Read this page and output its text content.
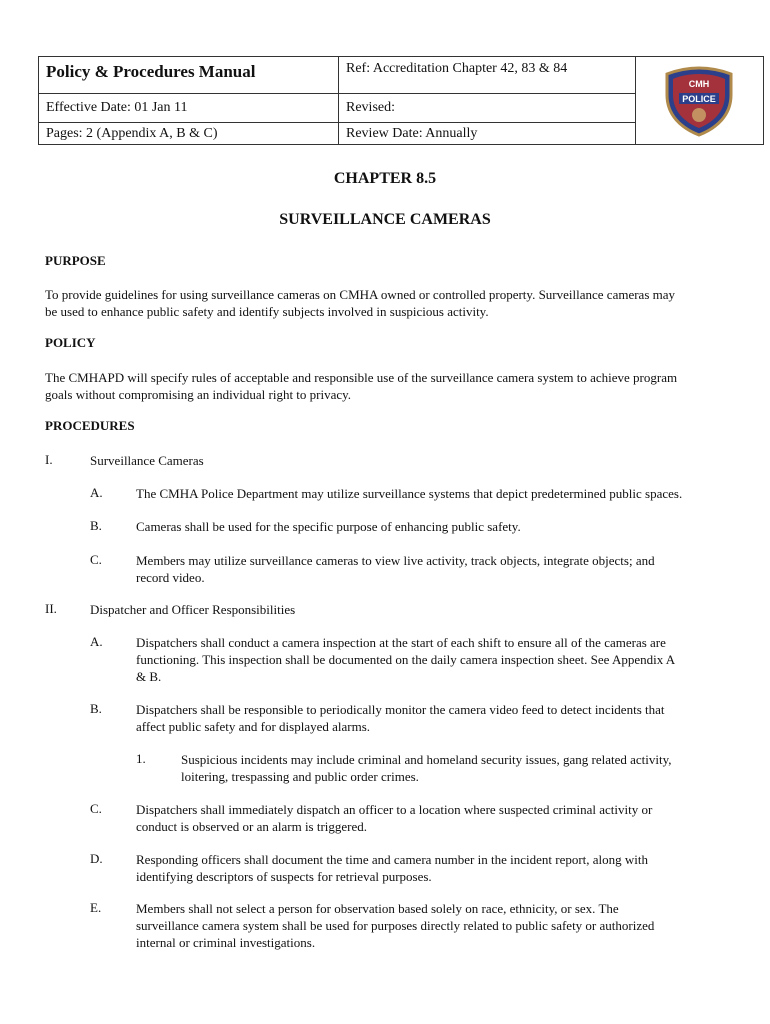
Policy & Procedures Manual	Ref: Accreditation Chapter 42, 83 & 84
Effective Date: 01 Jan 11	Revised:
Pages: 2 (Appendix A, B & C)	Review Date: Annually
CMH
POLICE
CHAPTER 8.5
SURVEILLANCE CAMERAS
PURPOSE
To provide guidelines for using surveillance cameras on CMHA owned or controlled property. Surveillance cameras may
be used to enhance public safety and identify subjects involved in suspicious activity.
POLICY
The CMHAPD will specify rules of acceptable and responsible use of the surveillance camera system to achieve program
goals without compromising an individual right to privacy.
PROCEDURES
I.	Surveillance Cameras
A.	The CMHA Police Department may utilize surveillance systems that depict predetermined public spaces.
B.	Cameras shall be used for the specific purpose of enhancing public safety.
C.	Members may utilize surveillance cameras to view live activity, track objects, integrate objects; and
record video.
II.	Dispatcher and Officer Responsibilities
A.	Dispatchers shall conduct a camera inspection at the start of each shift to ensure all of the cameras are
functioning. This inspection shall be documented on the daily camera inspection sheet. See Appendix A
& B.
B.	Dispatchers shall be responsible to periodically monitor the camera video feed to detect incidents that
affect public safety and for displayed alarms.
1.	Suspicious incidents may include criminal and homeland security issues, gang related activity,
loitering, trespassing and public order crimes.
C.	Dispatchers shall immediately dispatch an officer to a location where suspected criminal activity or
conduct is observed or an alarm is triggered.
D.	Responding officers shall document the time and camera number in the incident report, along with
identifying descriptors of suspects for retrieval purposes.
E.	Members shall not select a person for observation based solely on race, ethnicity, or sex. The
surveillance camera system shall be used for purposes directly related to public safety or authorized
internal or criminal investigations.
